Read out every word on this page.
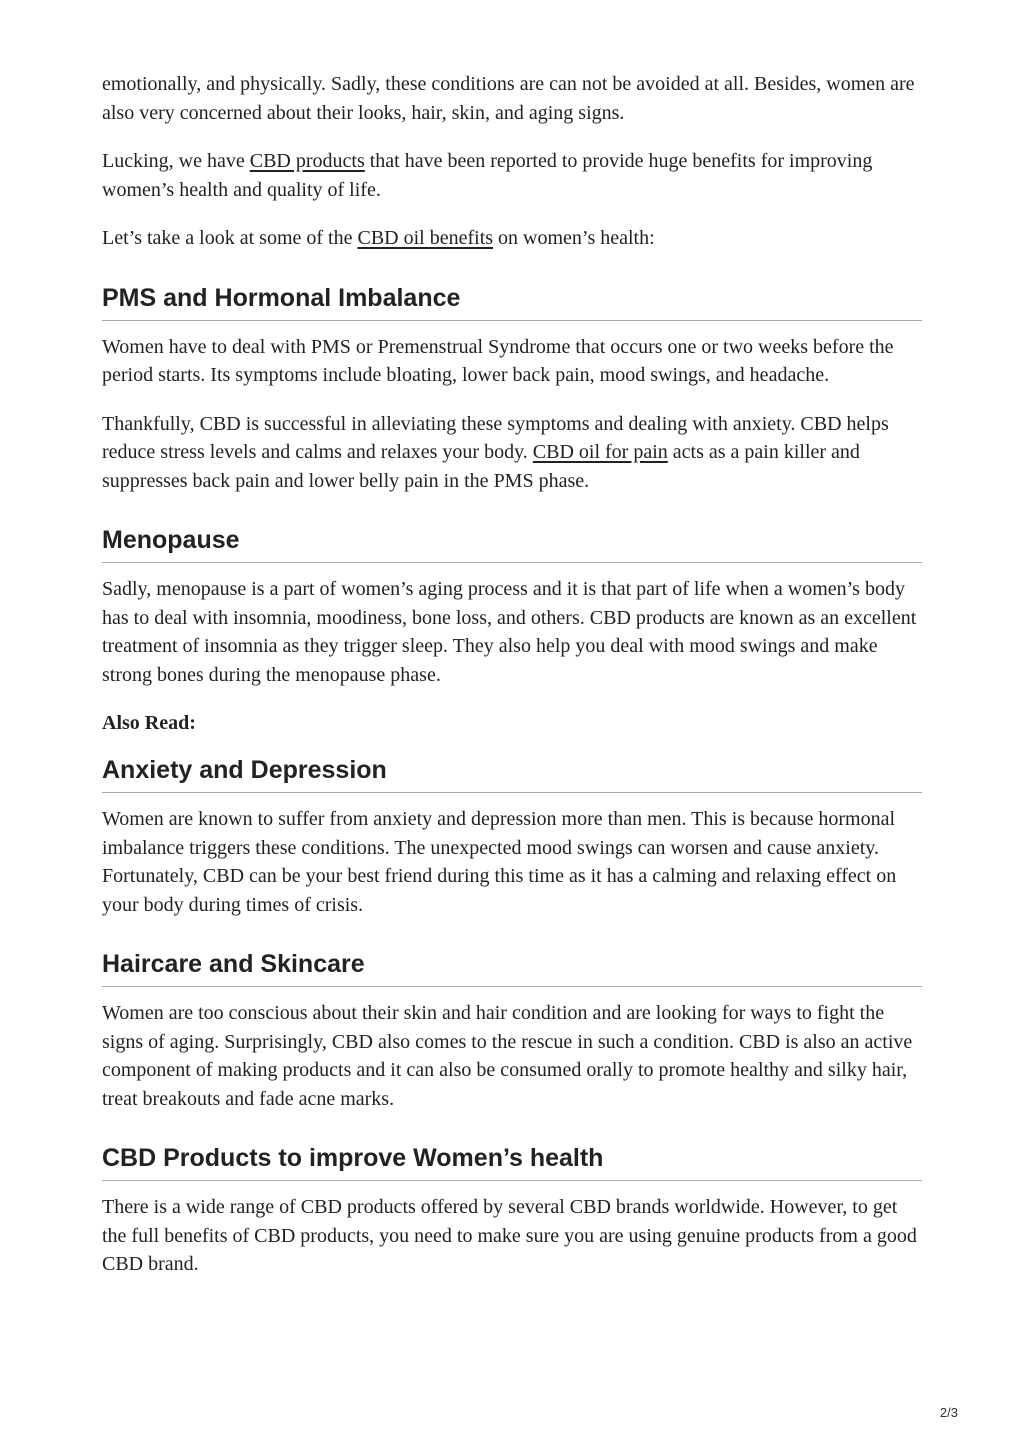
emotionally, and physically. Sadly, these conditions are can not be avoided at all. Besides, women are also very concerned about their looks, hair, skin, and aging signs.

Lucking, we have CBD products that have been reported to provide huge benefits for improving women’s health and quality of life.

Let’s take a look at some of the CBD oil benefits on women’s health:

PMS and Hormonal Imbalance

Women have to deal with PMS or Premenstrual Syndrome that occurs one or two weeks before the period starts. Its symptoms include bloating, lower back pain, mood swings, and headache.

Thankfully, CBD is successful in alleviating these symptoms and dealing with anxiety. CBD helps reduce stress levels and calms and relaxes your body. CBD oil for pain acts as a pain killer and suppresses back pain and lower belly pain in the PMS phase.

Menopause

Sadly, menopause is a part of women’s aging process and it is that part of life when a women’s body has to deal with insomnia, moodiness, bone loss, and others. CBD products are known as an excellent treatment of insomnia as they trigger sleep. They also help you deal with mood swings and make strong bones during the menopause phase.

Also Read:
Anxiety and Depression

Women are known to suffer from anxiety and depression more than men. This is because hormonal imbalance triggers these conditions. The unexpected mood swings can worsen and cause anxiety.

Fortunately, CBD can be your best friend during this time as it has a calming and relaxing effect on your body during times of crisis.

Haircare and Skincare

Women are too conscious about their skin and hair condition and are looking for ways to fight the signs of aging. Surprisingly, CBD also comes to the rescue in such a condition. CBD is also an active component of making products and it can also be consumed orally to promote healthy and silky hair, treat breakouts and fade acne marks.

CBD Products to improve Women’s health

There is a wide range of CBD products offered by several CBD brands worldwide. However, to get the full benefits of CBD products, you need to make sure you are using genuine products from a good CBD brand.

2/3
